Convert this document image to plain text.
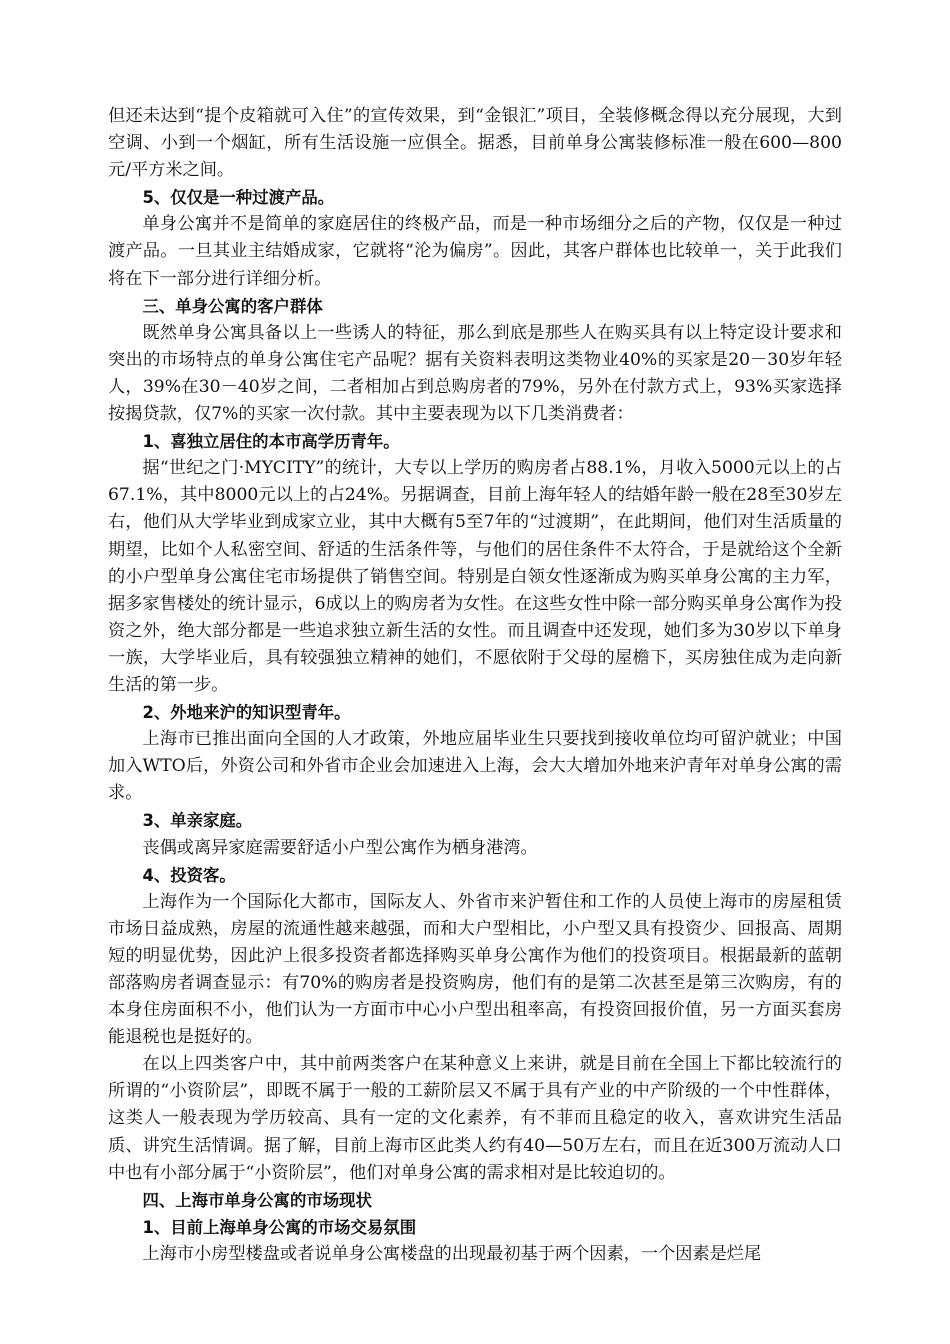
但还未达到“提个皮箱就可入住”的宣传效果，到“金银汇”项目，全装修概念得以充分展现，大到空调、小到一个烟缸，所有生活设施一应俱全。据悉，目前单身公寓装修标准一般在600—800元/平方米之间。

5、仅仅是一种过渡产品。

单身公寓并不是简单的家庭居住的终极产品，而是一种市场细分之后的产物，仅仅是一种过渡产品。一旦其业主结婚成家，它就将“沦为偏房”。因此，其客户群体也比较单一，关于此我们将在下一部分进行详细分析。

三、单身公寓的客户群体

既然单身公寓具备以上一些诱人的特征，那么到底是那些人在购买具有以上特定设计要求和突出的市场特点的单身公寓住宅产品呢？据有关资料表明这类物业40%的买家是20－30岁年轻人，39%在30－40岁之间，二者相加占到总购房者的79%，另外在付款方式上，93%买家选择按揭贷款，仅7%的买家一次付款。其中主要表现为以下几类消费者：

1、喜独立居住的本市高学历青年。

据“世纪之门·MYCITY”的统计，大专以上学历的购房者占88.1%，月收入5000元以上的占67.1%，其中8000元以上的占24%。另据调查，目前上海年轻人的结婚年龄一般在28至30岁左右，他们从大学毕业到成家立业，其中大概有5至7年的“过渡期”，在此期间，他们对生活质量的期望，比如个人私密空间、舒适的生活条件等，与他们的居住条件不太符合，于是就给这个全新的小户型单身公寓住宅市场提供了销售空间。特别是白领女性逐渐成为购买单身公寓的主力军，据多家售楼处的统计显示，6成以上的购房者为女性。在这些女性中除一部分购买单身公寓作为投资之外，绝大部分都是一些追求独立新生活的女性。而且调查中还发现，她们多为30岁以下单身一族，大学毕业后，具有较强独立精神的她们，不愿依附于父母的屋檐下，买房独住成为走向新生活的第一步。

2、外地来沪的知识型青年。

上海市已推出面向全国的人才政策，外地应届毕业生只要找到接收单位均可留沪就业；中国加入WTO后，外资公司和外省市企业会加速进入上海，会大大增加外地来沪青年对单身公寓的需求。

3、单亲家庭。

丧偶或离异家庭需要舒适小户型公寓作为栖身港湾。

4、投资客。

上海作为一个国际化大都市，国际友人、外省市来沪暂住和工作的人员使上海市的房屋租赁市场日益成熟，房屋的流通性越来越强，而和大户型相比，小户型又具有投资少、回报高、周期短的明显优势，因此沪上很多投资者都选择购买单身公寓作为他们的投资项目。根据最新的蓝朝部落购房者调查显示：有70%的购房者是投资购房，他们有的是第二次甚至是第三次购房，有的本身住房面积不小，他们认为一方面市中心小户型出租率高，有投资回报价值，另一方面买套房能退税也是挺好的。

在以上四类客户中，其中前两类客户在某种意义上来讲，就是目前在全国上下都比较流行的所谓的“小资阶层”，即既不属于一般的工薪阶层又不属于具有产业的中产阶级的一个中性群体，这类人一般表现为学历较高、具有一定的文化素养，有不菲而且稳定的收入，喜欢讲究生活品质、讲究生活情调。据了解，目前上海市区此类人约有40—50万左右，而且在近300万流动人口中也有小部分属于“小资阶层”，他们对单身公寓的需求相对是比较迫切的。

四、上海市单身公寓的市场现状

1、目前上海单身公寓的市场交易氛围

上海市小房型楼盘或者说单身公寓楼盘的出现最初基于两个因素，一个因素是烂尾
